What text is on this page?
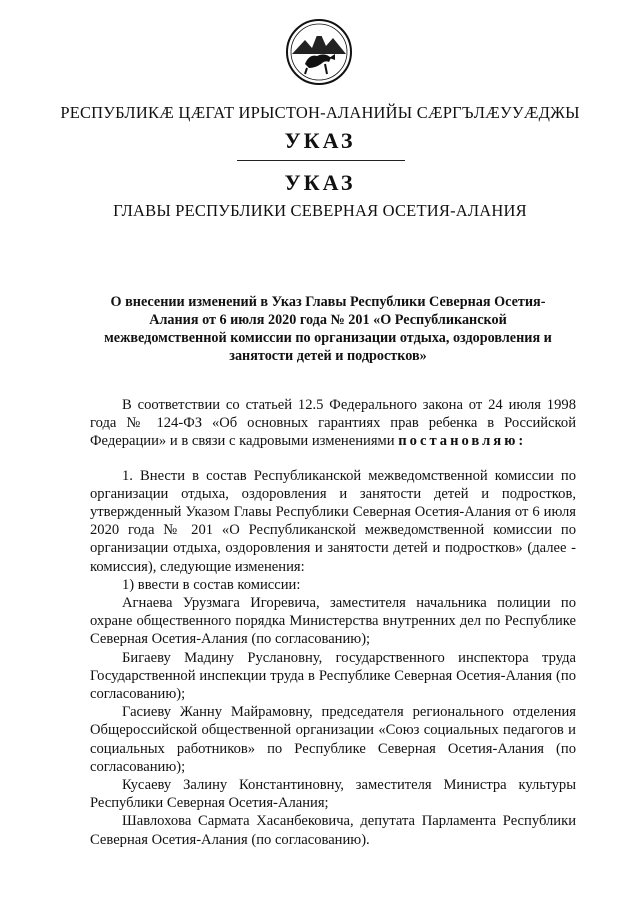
РЕСПУБЛИКӔ ЦӔГАТ ИРЫСТОН-АЛАНИЙЫ СӔРГЪЛӔУУӔДЖЫ
УКАЗ
УКАЗ
ГЛАВЫ РЕСПУБЛИКИ СЕВЕРНАЯ ОСЕТИЯ-АЛАНИЯ
О внесении изменений в Указ Главы Республики Северная Осетия-Алания от 6 июля 2020 года № 201 «О Республиканской межведомственной комиссии по организации отдыха, оздоровления и занятости детей и подростков»

В соответствии со статьей 12.5 Федерального закона от 24 июля 1998 года № 124-ФЗ «Об основных гарантиях прав ребенка в Российской Федерации» и в связи с кадровыми изменениями постановляю:

1. Внести в состав Республиканской межведомственной комиссии по организации отдыха, оздоровления и занятости детей и подростков, утвержденный Указом Главы Республики Северная Осетия-Алания от 6 июля 2020 года № 201 «О Республиканской межведомственной комиссии по организации отдыха, оздоровления и занятости детей и подростков» (далее - комиссия), следующие изменения:

1) ввести в состав комиссии:

Агнаева Урузмага Игоревича, заместителя начальника полиции по охране общественного порядка Министерства внутренних дел по Республике Северная Осетия-Алания (по согласованию);

Бигаеву Мадину Руслановну, государственного инспектора труда Государственной инспекции труда в Республике Северная Осетия-Алания (по согласованию);

Гасиеву Жанну Майрамовну, председателя регионального отделения Общероссийской общественной организации «Союз социальных педагогов и социальных работников» по Республике Северная Осетия-Алания (по согласованию);

Кусаеву Залину Константиновну, заместителя Министра культуры Республики Северная Осетия-Алания;

Шавлохова Сармата Хасанбековича, депутата Парламента Республики Северная Осетия-Алания (по согласованию).
